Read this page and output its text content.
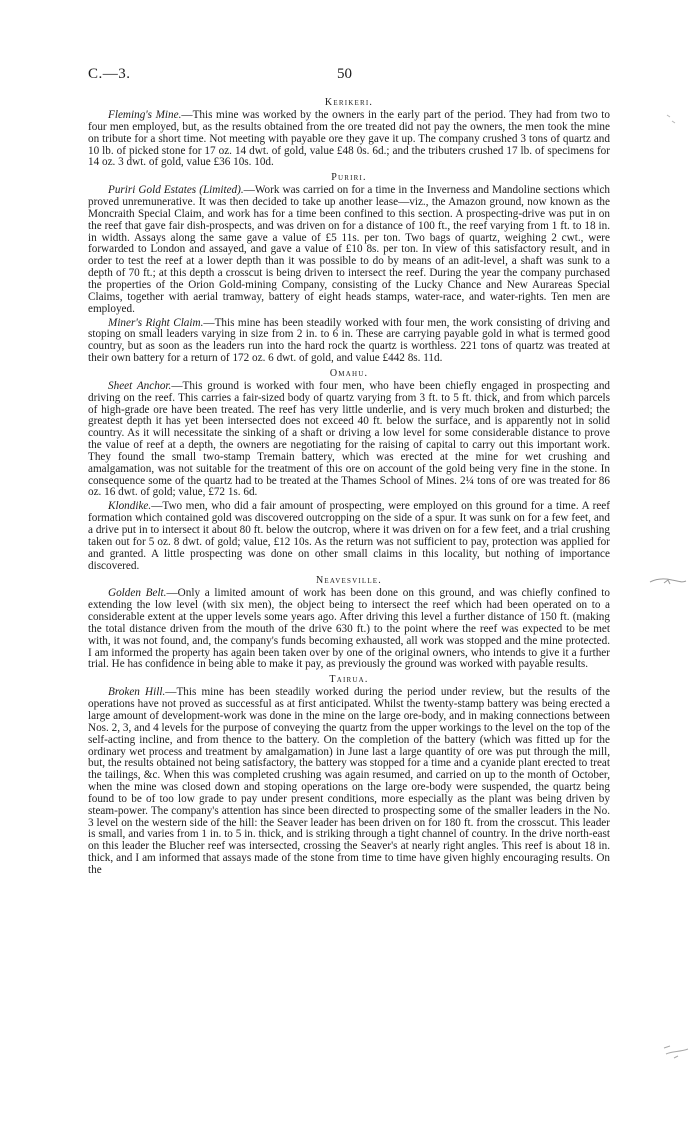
C.—3.	50

Kerikeri.

Fleming's Mine.—This mine was worked by the owners in the early part of the period. They had from two to four men employed, but, as the results obtained from the ore treated did not pay the owners, the men took the mine on tribute for a short time. Not meeting with payable ore they gave it up. The company crushed 3 tons of quartz and 10 lb. of picked stone for 17 oz. 14 dwt. of gold, value £48 0s. 6d.; and the tributers crushed 17 lb. of specimens for 14 oz. 3 dwt. of gold, value £36 10s. 10d.

Puriri.

Puriri Gold Estates (Limited).—Work was carried on for a time in the Inverness and Mandoline sections which proved unremunerative. It was then decided to take up another lease—viz., the Amazon ground, now known as the Moncraith Special Claim, and work has for a time been confined to this section. A prospecting-drive was put in on the reef that gave fair dish-prospects, and was driven on for a distance of 100 ft., the reef varying from 1 ft. to 18 in. in width. Assays along the same gave a value of £5 11s. per ton. Two bags of quartz, weighing 2 cwt., were forwarded to London and assayed, and gave a value of £10 8s. per ton. In view of this satisfactory result, and in order to test the reef at a lower depth than it was possible to do by means of an adit-level, a shaft was sunk to a depth of 70 ft.; at this depth a crosscut is being driven to intersect the reef. During the year the company purchased the properties of the Orion Gold-mining Company, consisting of the Lucky Chance and New Aurareas Special Claims, together with aerial tramway, battery of eight heads stamps, water-race, and water-rights. Ten men are employed.

Miner's Right Claim.—This mine has been steadily worked with four men, the work consisting of driving and stoping on small leaders varying in size from 2 in. to 6 in. These are carrying payable gold in what is termed good country, but as soon as the leaders run into the hard rock the quartz is worthless. 221 tons of quartz was treated at their own battery for a return of 172 oz. 6 dwt. of gold, and value £442 8s. 11d.

Omahu.

Sheet Anchor.—This ground is worked with four men, who have been chiefly engaged in prospecting and driving on the reef. This carries a fair-sized body of quartz varying from 3 ft. to 5 ft. thick, and from which parcels of high-grade ore have been treated. The reef has very little underlie, and is very much broken and disturbed; the greatest depth it has yet been intersected does not exceed 40 ft. below the surface, and is apparently not in solid country. As it will necessitate the sinking of a shaft or driving a low level for some considerable distance to prove the value of reef at a depth, the owners are negotiating for the raising of capital to carry out this important work. They found the small two-stamp Tremain battery, which was erected at the mine for wet crushing and amalgamation, was not suitable for the treatment of this ore on account of the gold being very fine in the stone. In consequence some of the quartz had to be treated at the Thames School of Mines. 2¼ tons of ore was treated for 86 oz. 16 dwt. of gold; value, £72 1s. 6d.

Klondike.—Two men, who did a fair amount of prospecting, were employed on this ground for a time. A reef formation which contained gold was discovered outcropping on the side of a spur. It was sunk on for a few feet, and a drive put in to intersect it about 80 ft. below the outcrop, where it was driven on for a few feet, and a trial crushing taken out for 5 oz. 8 dwt. of gold; value, £12 10s. As the return was not sufficient to pay, protection was applied for and granted. A little prospecting was done on other small claims in this locality, but nothing of importance discovered.

Neavesville.

Golden Belt.—Only a limited amount of work has been done on this ground, and was chiefly confined to extending the low level (with six men), the object being to intersect the reef which had been operated on to a considerable extent at the upper levels some years ago. After driving this level a further distance of 150 ft. (making the total distance driven from the mouth of the drive 630 ft.) to the point where the reef was expected to be met with, it was not found, and, the company's funds becoming exhausted, all work was stopped and the mine protected. I am informed the property has again been taken over by one of the original owners, who intends to give it a further trial. He has confidence in being able to make it pay, as previously the ground was worked with payable results.

Tairua.

Broken Hill.—This mine has been steadily worked during the period under review, but the results of the operations have not proved as successful as at first anticipated. Whilst the twenty-stamp battery was being erected a large amount of development-work was done in the mine on the large ore-body, and in making connections between Nos. 2, 3, and 4 levels for the purpose of conveying the quartz from the upper workings to the level on the top of the self-acting incline, and from thence to the battery. On the completion of the battery (which was fitted up for the ordinary wet process and treatment by amalgamation) in June last a large quantity of ore was put through the mill, but, the results obtained not being satisfactory, the battery was stopped for a time and a cyanide plant erected to treat the tailings, &c. When this was completed crushing was again resumed, and carried on up to the month of October, when the mine was closed down and stoping operations on the large ore-body were suspended, the quartz being found to be of too low grade to pay under present conditions, more especially as the plant was being driven by steam-power. The company's attention has since been directed to prospecting some of the smaller leaders in the No. 3 level on the western side of the hill: the Seaver leader has been driven on for 180 ft. from the crosscut. This leader is small, and varies from 1 in. to 5 in. thick, and is striking through a tight channel of country. In the drive north-east on this leader the Blucher reef was intersected, crossing the Seaver's at nearly right angles. This reef is about 18 in. thick, and I am informed that assays made of the stone from time to time have given highly encouraging results. On the
